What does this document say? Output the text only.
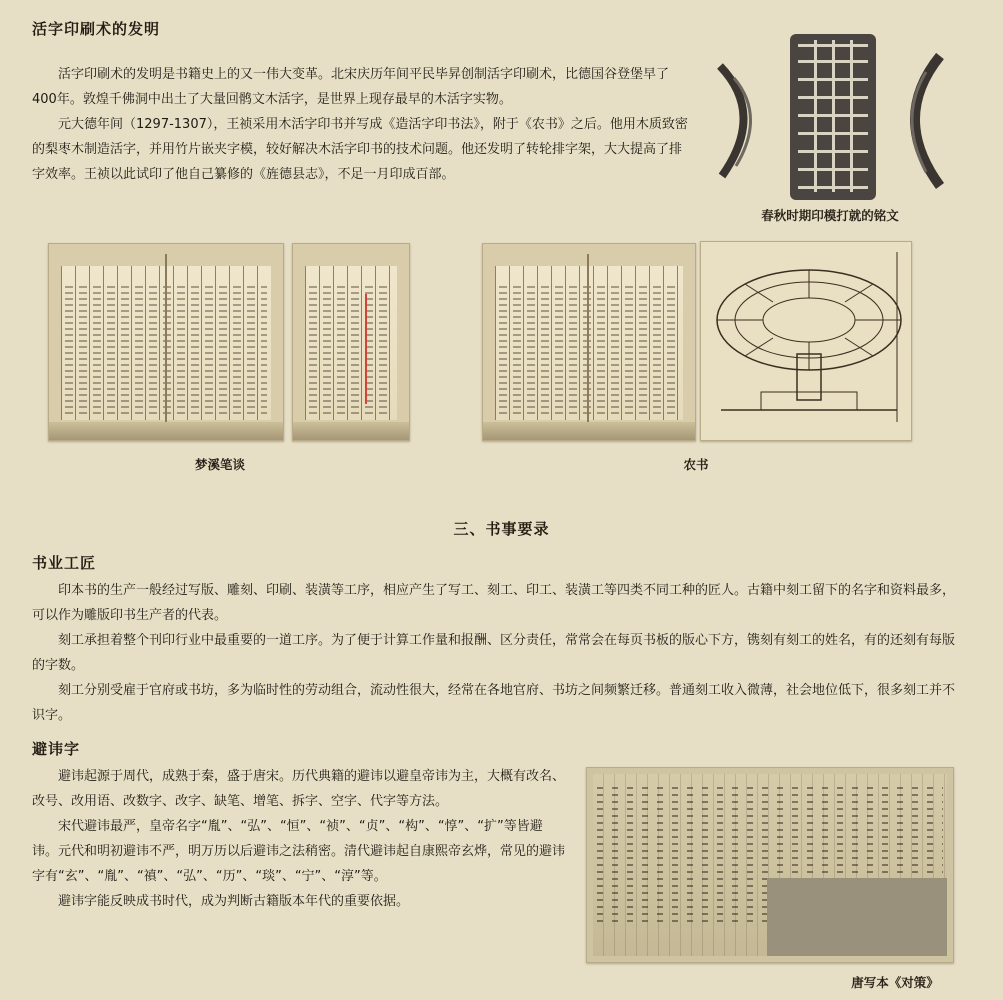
活字印刷术的发明

活字印刷术的发明是书籍史上的又一伟大变革。北宋庆历年间平民毕昇创制活字印刷术，比德国谷登堡早了400年。敦煌千佛洞中出土了大量回鹘文木活字，是世界上现存最早的木活字实物。

元大德年间（1297-1307），王祯采用木活字印书并写成《造活字印书法》，附于《农书》之后。他用木质致密的梨枣木制造活字，并用竹片嵌夹字模，较好解决木活字印书的技术问题。他还发明了转轮排字架，大大提高了排字效率。王祯以此试印了他自己纂修的《旌德县志》，不足一月印成百部。

春秋时期印模打就的铭文
梦溪笔谈	农书
三、书事要录
书业工匠

印本书的生产一般经过写版、雕刻、印刷、装潢等工序，相应产生了写工、刻工、印工、装潢工等四类不同工种的匠人。古籍中刻工留下的名字和资料最多，可以作为雕版印书生产者的代表。

刻工承担着整个刊印行业中最重要的一道工序。为了便于计算工作量和报酬、区分责任，常常会在每页书板的版心下方，镌刻有刻工的姓名，有的还刻有每版的字数。

刻工分别受雇于官府或书坊，多为临时性的劳动组合，流动性很大，经常在各地官府、书坊之间频繁迁移。普通刻工收入微薄，社会地位低下，很多刻工并不识字。

避讳字

避讳起源于周代，成熟于秦，盛于唐宋。历代典籍的避讳以避皇帝讳为主，大概有改名、改号、改用语、改数字、改字、缺笔、增笔、拆字、空字、代字等方法。

宋代避讳最严，皇帝名字“胤”、“弘”、“恒”、“祯”、“贞”、“构”、“惇”、“扩”等皆避讳。元代和明初避讳不严，明万历以后避讳之法稍密。清代避讳起自康熙帝玄烨，常见的避讳字有“玄”、“胤”、“禛”、“弘”、“历”、“琰”、“宁”、“淳”等。

避讳字能反映成书时代，成为判断古籍版本年代的重要依据。

唐写本《对策》
